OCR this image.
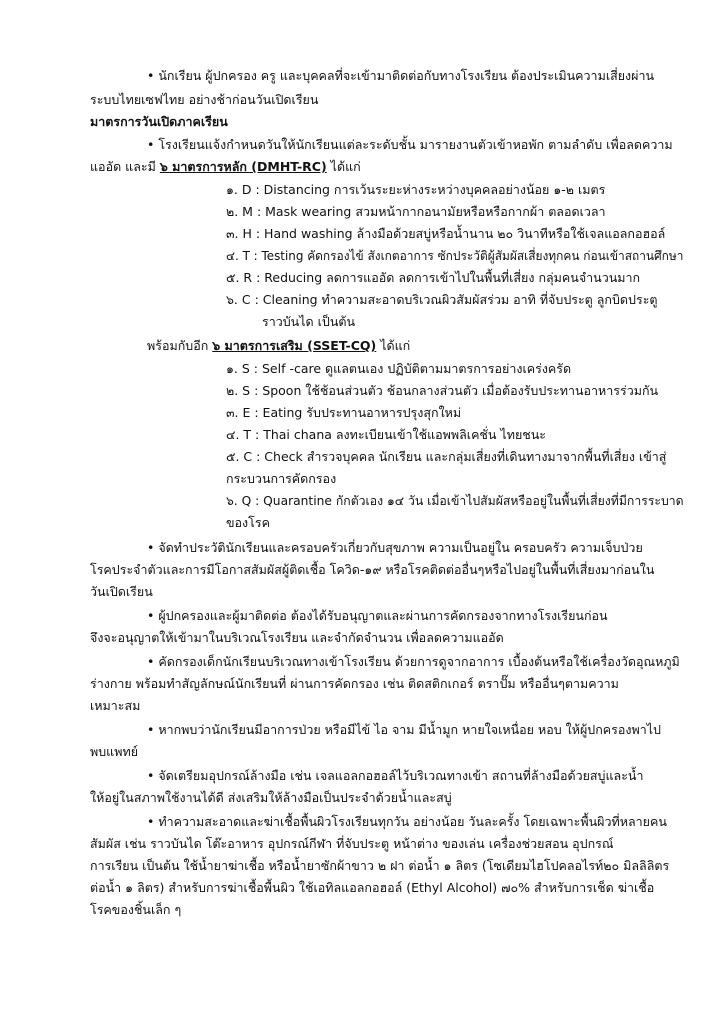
• นักเรียน ผู้ปกครอง ครู และบุคคลที่จะเข้ามาติดต่อกับทางโรงเรียน ต้องประเมินความเสี่ยงผ่าน
ระบบไทยเซฟไทย อย่างช้าก่อนวันเปิดเรียน
มาตรการวันเปิดภาคเรียน
• โรงเรียนแจ้งกำหนดวันให้นักเรียนแต่ละระดับชั้น มารายงานตัวเข้าหอพัก ตามลำดับ เพื่อลดความ
แออัด และมี ๖ มาตรการหลัก (DMHT-RC) ได้แก่
๑. D : Distancing การเว้นระยะห่างระหว่างบุคคลอย่างน้อย ๑-๒ เมตร
๒. M : Mask wearing สวมหน้ากากอนามัยหรือหรือกากผ้า ตลอดเวลา
๓. H : Hand washing ล้างมือด้วยสบู่หรือน้ำนาน ๒๐ วินาทีหรือใช้เจลแอลกอฮอล์
๔. T : Testing คัดกรองไข้ สังเกตอาการ ซักประวัติผู้สัมผัสเสี่ยงทุกคน ก่อนเข้าสถานศึกษา
๕. R : Reducing ลดการแออัด ลดการเข้าไปในพื้นที่เสี่ยง กลุ่มคนจำนวนมาก
๖. C : Cleaning ทำความสะอาดบริเวณผิวสัมผัสร่วม อาทิ ที่จับประตู ลูกบิดประตู
ราวบันได เป็นต้น
พร้อมกับอีก ๖ มาตรการเสริม (SSET-CQ) ได้แก่
๑. S : Self -care ดูแลตนเอง ปฏิบัติตามมาตรการอย่างเคร่งครัด
๒. S : Spoon ใช้ช้อนส่วนตัว ช้อนกลางส่วนตัว เมื่อต้องรับประทานอาหารร่วมกัน
๓. E : Eating รับประทานอาหารปรุงสุกใหม่
๔. T : Thai chana ลงทะเบียนเข้าใช้แอพพลิเคชั่น ไทยชนะ
๕. C : Check สำรวจบุคคล นักเรียน และกลุ่มเสี่ยงที่เดินทางมาจากพื้นที่เสี่ยง เข้าสู่
กระบวนการคัดกรอง
๖. Q : Quarantine กักตัวเอง ๑๔ วัน เมื่อเข้าไปสัมผัสหรืออยู่ในพื้นที่เสี่ยงที่มีการระบาด
ของโรค
• จัดทำประวัตินักเรียนและครอบครัวเกี่ยวกับสุขภาพ ความเป็นอยู่ใน ครอบครัว ความเจ็บป่วย
โรคประจำตัวและการมีโอกาสสัมผัสผู้ติดเชื้อ โควิด-๑๙ หรือโรคติดต่ออื่นๆหรือไปอยู่ในพื้นที่เสี่ยงมาก่อนใน
วันเปิดเรียน
• ผู้ปกครองและผู้มาติดต่อ ต้องได้รับอนุญาตและผ่านการคัดกรองจากทางโรงเรียนก่อน
จึงจะอนุญาตให้เข้ามาในบริเวณโรงเรียน และจำกัดจำนวน เพื่อลดความแออัด
• คัดกรองเด็กนักเรียนบริเวณทางเข้าโรงเรียน ด้วยการดูจากอาการ เบื้องต้นหรือใช้เครื่องวัดอุณหภูมิ
ร่างกาย พร้อมทำสัญลักษณ์นักเรียนที่ ผ่านการคัดกรอง เช่น ติดสติกเกอร์ ตราปั๊ม หรืออื่นๆตามความ
เหมาะสม
• หากพบว่านักเรียนมีอาการป่วย หรือมีไข้ ไอ จาม มีน้ำมูก หายใจเหนื่อย หอบ ให้ผู้ปกครองพาไป
พบแพทย์
• จัดเตรียมอุปกรณ์ล้างมือ เช่น เจลแอลกอฮอล์ไว้บริเวณทางเข้า สถานที่ล้างมือด้วยสบู่และน้ำ
ให้อยู่ในสภาพใช้งานได้ดี ส่งเสริมให้ล้างมือเป็นประจำด้วยน้ำและสบู่
• ทำความสะอาดและฆ่าเชื้อพื้นผิวโรงเรียนทุกวัน อย่างน้อย วันละครั้ง โดยเฉพาะพื้นผิวที่หลายคน
สัมผัส เช่น ราวบันได โต๊ะอาหาร อุปกรณ์กีฬา ที่จับประตู หน้าต่าง ของเล่น เครื่องช่วยสอน อุปกรณ์
การเรียน เป็นต้น ใช้น้ำยาฆ่าเชื้อ หรือน้ำยาซักผ้าขาว ๒ ฝา ต่อน้ำ ๑ ลิตร (โซเดียมไฮโปคลอไรท์๒๐ มิลลิลิตร
ต่อน้ำ ๑ ลิตร) สำหรับการฆ่าเชื้อพื้นผิว ใช้เอทิลแอลกอฮอล์ (Ethyl Alcohol) ๗๐% สำหรับการเช็ด ฆ่าเชื้อ
โรคของชิ้นเล็ก ๆ
